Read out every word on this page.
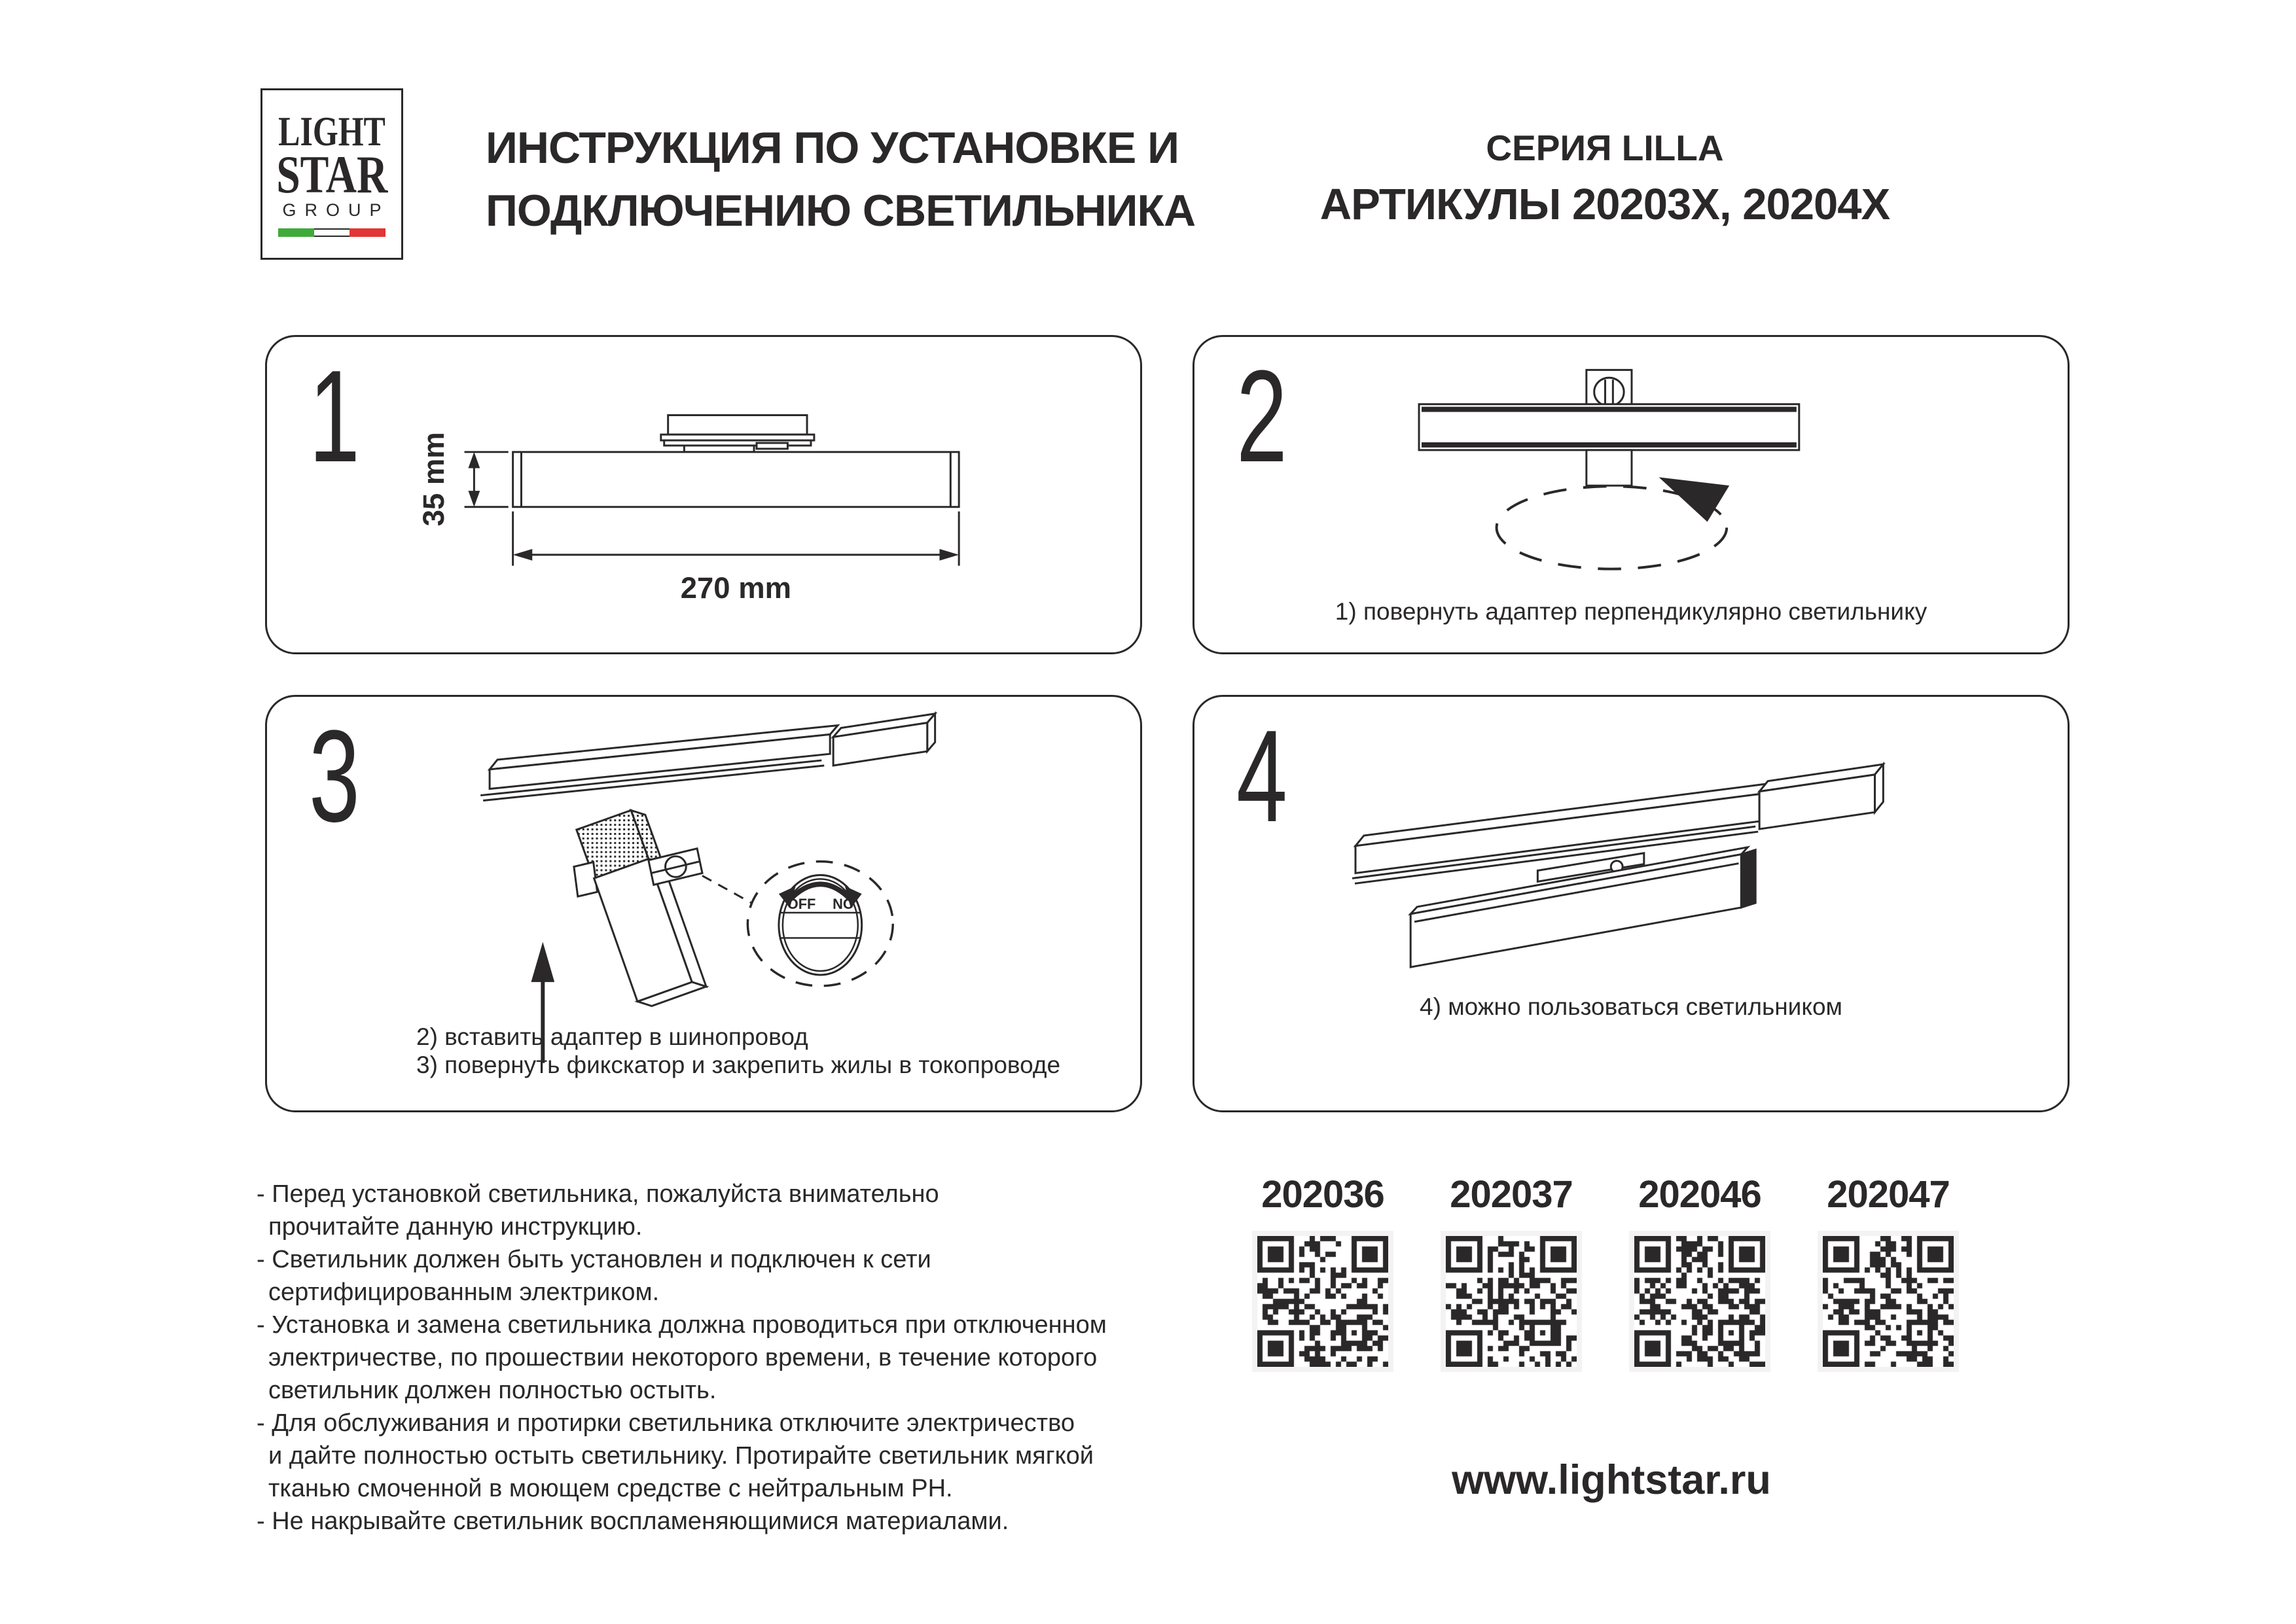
LIGHT
STAR
GROUP
ИНСТРУКЦИЯ ПО УСТАНОВКЕ И
ПОДКЛЮЧЕНИЮ СВЕТИЛЬНИКА
СЕРИЯ LILLA
АРТИКУЛЫ 20203X, 20204X
1 35 mm
270 mm
2
1) повернуть адаптер перпендикулярно светильнику
3
OFF NO
2) вставить адаптер в шинопровод
3) повернуть фикскатор и закрепить жилы в токопроводе
4
4) можно пользоваться светильником
- Перед установкой светильника, пожалуйста внимательно
прочитайте данную инструкцию.
- Светильник должен быть установлен и подключен к сети
сертифицированным электриком.
- Установка и замена светильника должна проводиться при отключенном
электричестве, по прошествии некоторого времени, в течение которого
светильник должен полностью остыть.
- Для обслуживания и протирки светильника отключите электричество
и дайте полностью остыть светильнику. Протирайте светильник мягкой
тканью смоченной в моющем средстве с нейтральным PH.
- Не накрывайте светильник воспламеняющимися материалами.
202036 202037 202046 202047
www.lightstar.ru
